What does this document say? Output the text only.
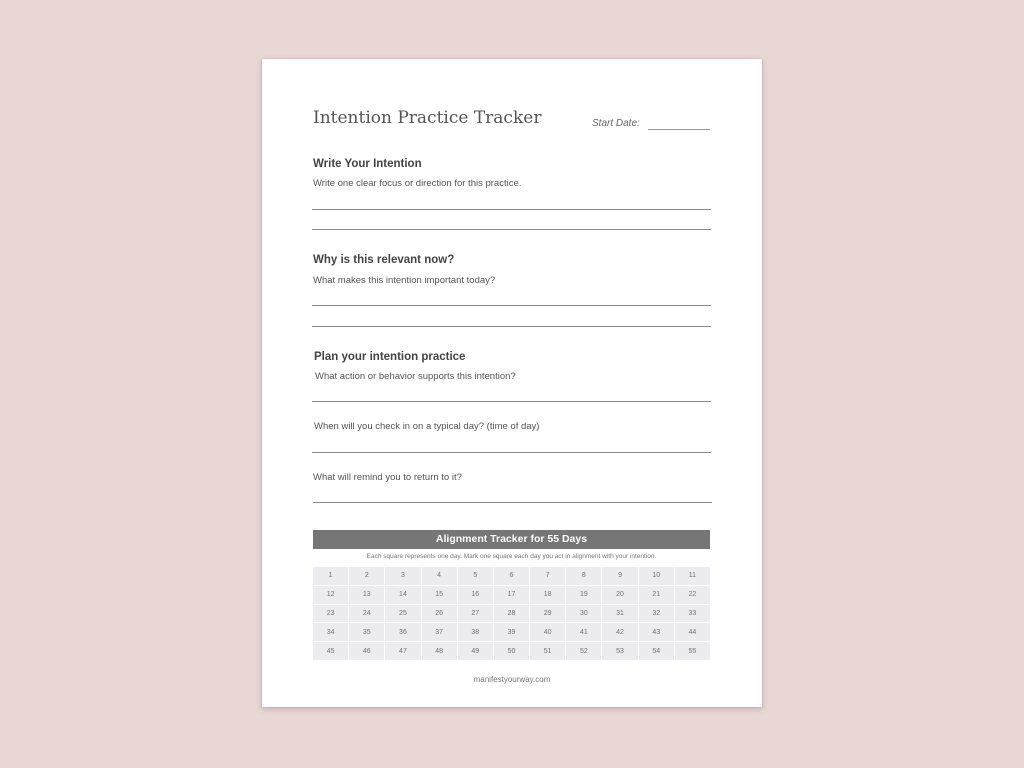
Intention Practice Tracker	Start Date:
Write Your Intention
Write one clear focus or direction for this practice.
Why is this relevant now?
What makes this intention important today?
Plan your intention practice
What action or behavior supports this intention?
When will you check in on a typical day? (time of day)
What will remind you to return to it?
Alignment Tracker for 55 Days
Each square represents one day. Mark one square each day you act in alignment with your intention.
1	2	3	4	5	6	7	8	9	10	11
12	13	14	15	16	17	18	19	20	21	22
23	24	25	26	27	28	29	30	31	32	33
34	35	36	37	38	39	40	41	42	43	44
45	46	47	48	49	50	51	52	53	54	55
manifestyourway.com
